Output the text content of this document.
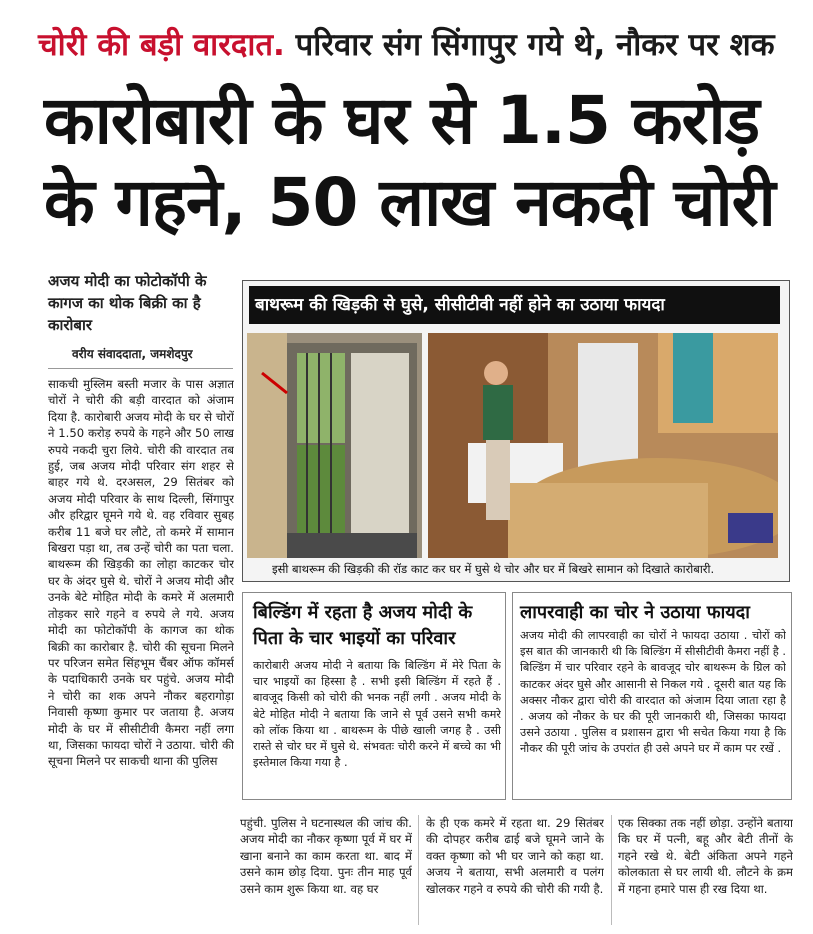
चोरी की बड़ी वारदात. परिवार संग सिंगापुर गये थे, नौकर पर शक
कारोबारी के घर से 1.5 करोड़
के गहने, 50 लाख नकदी चोरी
अजय मोदी का फोटोकॉपी के कागज का थोक बिक्री का है कारोबार
वरीय संवाददाता, जमशेदपुर
साकची मुस्लिम बस्ती मजार के पास अज्ञात चोरों ने चोरी की बड़ी वारदात को अंजाम दिया है. कारोबारी अजय मोदी के घर से चोरों ने 1.50 करोड़ रुपये के गहने और 50 लाख रुपये नकदी चुरा लिये. चोरी की वारदात तब हुई, जब अजय मोदी परिवार संग शहर से बाहर गये थे. दरअसल, 29 सितंबर को अजय मोदी परिवार के साथ दिल्ली, सिंगापुर और हरिद्वार घूमने गये थे. वह रविवार सुबह करीब 11 बजे घर लौटे, तो कमरे में सामान बिखरा पड़ा था, तब उन्हें चोरी का पता चला. बाथरूम की खिड़की का लोहा काटकर चोर घर के अंदर घुसे थे. चोरों ने अजय मोदी और उनके बेटे मोहित मोदी के कमरे में अलमारी तोड़कर सारे गहने व रुपये ले गये. अजय मोदी का फोटोकॉपी के कागज का थोक बिक्री का कारोबार है. चोरी की सूचना मिलने पर परिजन समेत सिंहभूम चैंबर ऑफ कॉमर्स के पदाधिकारी उनके घर पहुंचे. अजय मोदी ने चोरी का शक अपने नौकर बहरागोड़ा निवासी कृष्णा कुमार पर जताया है. अजय मोदी के घर में सीसीटीवी कैमरा नहीं लगा था, जिसका फायदा चोरों ने उठाया. चोरी की सूचना मिलने पर साकची थाना की पुलिस
बाथरूम की खिड़की से घुसे, सीसीटीवी नहीं होने का उठाया फायदा
इसी बाथरूम की खिड़की की रॉड काट कर घर में घुसे थे चोर और घर में बिखरे सामान को दिखाते कारोबारी.
बिल्डिंग में रहता है अजय मोदी के पिता के चार भाइयों का परिवार
कारोबारी अजय मोदी ने बताया कि बिल्डिंग में मेरे पिता के चार भाइयों का हिस्सा है . सभी इसी बिल्डिंग में रहते हैं . बावजूद किसी को चोरी की भनक नहीं लगी . अजय मोदी के बेटे मोहित मोदी ने बताया कि जाने से पूर्व उसने सभी कमरे को लॉक किया था . बाथरूम के पीछे खाली जगह है . उसी रास्ते से चोर घर में घुसे थे. संभवतः चोरी करने में बच्चे का भी इस्तेमाल किया गया है .
लापरवाही का चोर ने उठाया फायदा
अजय मोदी की लापरवाही का चोरों ने फायदा उठाया . चोरों को इस बात की जानकारी थी कि बिल्डिंग में सीसीटीवी कैमरा नहीं है . बिल्डिंग में चार परिवार रहने के बावजूद चोर बाथरूम के ग्रिल को काटकर अंदर घुसे और आसानी से निकल गये . दूसरी बात यह कि अक्सर नौकर द्वारा चोरी की वारदात को अंजाम दिया जाता रहा है . अजय को नौकर के घर की पूरी जानकारी थी, जिसका फायदा उसने उठाया . पुलिस व प्रशासन द्वारा भी सचेत किया गया है कि नौकर की पूरी जांच के उपरांत ही उसे अपने घर में काम पर रखें .
पहुंची. पुलिस ने घटनास्थल की जांच की. अजय मोदी का नौकर कृष्णा पूर्व में घर में खाना बनाने का काम करता था. बाद में उसने काम छोड़ दिया. पुनः तीन माह पूर्व उसने काम शुरू किया था. वह घर
के ही एक कमरे में रहता था. 29 सितंबर की दोपहर करीब ढाई बजे घूमने जाने के वक्त कृष्णा को भी घर जाने को कहा था. अजय ने बताया, सभी अलमारी व पलंग खोलकर गहने व रुपये की चोरी की गयी है.
एक सिक्का तक नहीं छोड़ा. उन्होंने बताया कि घर में पत्नी, बहू और बेटी तीनों के गहने रखे थे. बेटी अंकिता अपने गहने कोलकाता से घर लायी थी. लौटने के क्रम में गहना हमारे पास ही रख दिया था.
